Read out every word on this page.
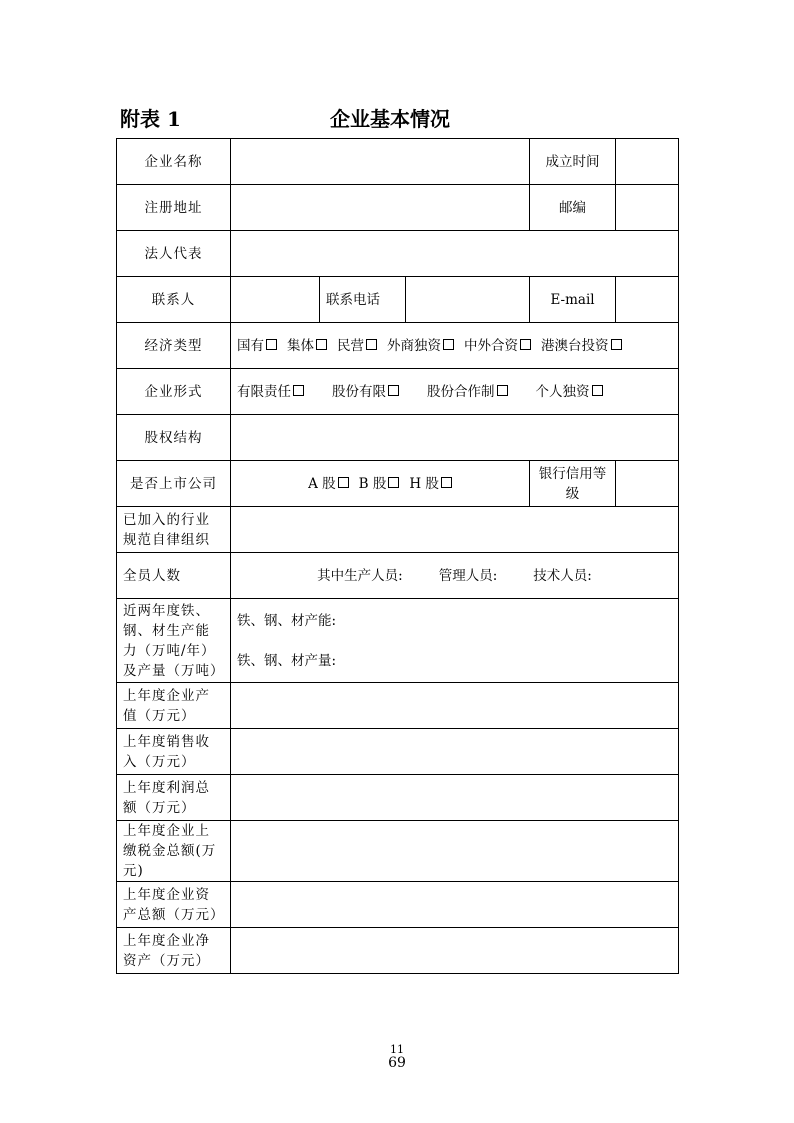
附表 1	企业基本情况
企业名称				成立时间	
注册地址				邮编	
法人代表					
联系人		联系电话		E-mail	
经济类型	国有 集体 民营 外商独资 中外合资 港澳台投资				
企业形式	有限责任 股份有限 股份合作制 个人独资				
股权结构					
是否上市公司	A 股 B 股 H 股			银行信用等级	
已加入的行业规范自律组织					
全员人数	其中生产人员: 管理人员: 技术人员:				
近两年度铁、钢、材生产能力（万吨/年）及产量（万吨）	铁、钢、材产能:
铁、钢、材产量:				

上年度企业产值（万元）					
上年度销售收入（万元）					
上年度利润总额（万元）					
上年度企业上缴税金总额(万元)					
上年度企业资产总额（万元）					
上年度企业净资产（万元）					
11
69
